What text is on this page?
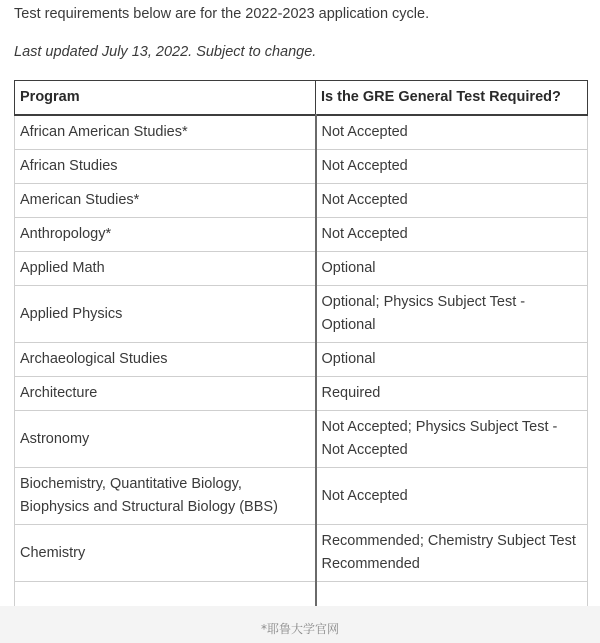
Test requirements below are for the 2022-2023 application cycle.

Last updated July 13, 2022. Subject to change.

Program	Is the GRE General Test Required?
African American Studies*	Not Accepted
African Studies	Not Accepted
American Studies*	Not Accepted
Anthropology*	Not Accepted
Applied Math	Optional
Applied Physics	Optional; Physics Subject Test - Optional
Archaeological Studies	Optional
Architecture	Required
Astronomy	Not Accepted; Physics Subject Test - Not Accepted
Biochemistry, Quantitative Biology, Biophysics and Structural Biology (BBS)	Not Accepted
Chemistry	Recommended; Chemistry Subject Test Recommended

*耶鲁大学官网
